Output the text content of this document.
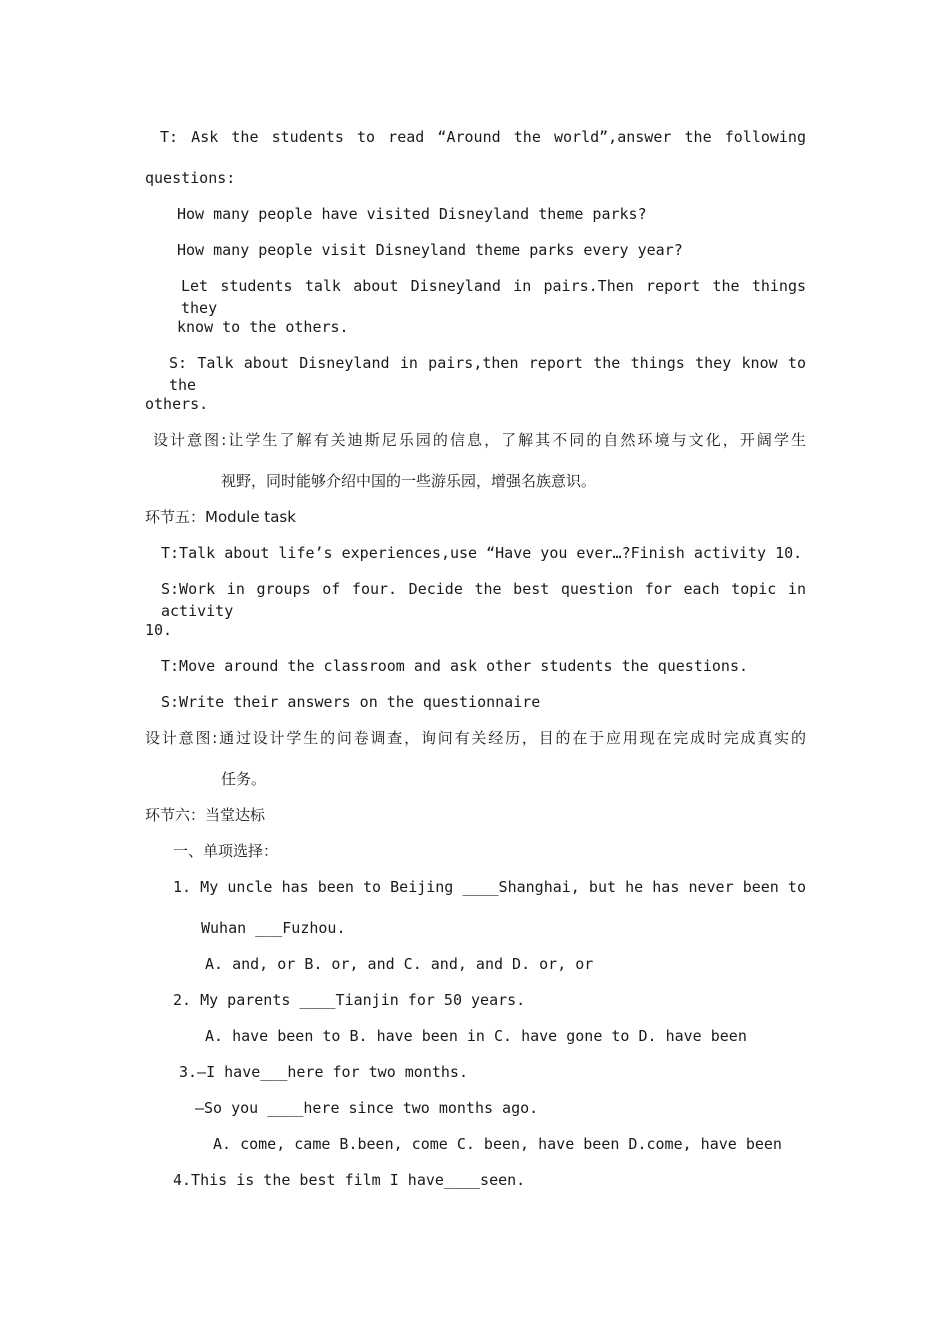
T: Ask the students to read “Around the world”,answer the following
questions:
How many people have visited Disneyland theme parks?
How many people visit Disneyland theme parks every year?
Let students talk about Disneyland in pairs.Then report the things they
know to the others.
S: Talk about Disneyland in pairs,then report the things they know to the
others.
设计意图:让学生了解有关迪斯尼乐园的信息，了解其不同的自然环境与文化，开阔学生
视野，同时能够介绍中国的一些游乐园，增强名族意识。
环节五：Module task
T:Talk about life’s experiences,use “Have you ever…?Finish activity 10.
S:Work in groups of four. Decide the best question for each topic in activity
10.
T:Move around the classroom and ask other students the questions.
S:Write their answers on the questionnaire
设计意图:通过设计学生的问卷调查，询问有关经历，目的在于应用现在完成时完成真实的
任务。
环节六：当堂达标
一、单项选择：
1. My uncle has been to Beijing ____Shanghai, but he has never been to
Wuhan ___Fuzhou.
A. and, or B. or, and C. and, and D. or, or
2. My parents ____Tianjin for 50 years.
A. have been to B. have been in C. have gone to D. have been
3.—I have___here for two months.
—So you ____here since two months ago.
A. come, came B.been, come C. been, have been D.come, have been
4.This is the best film I have____seen.
